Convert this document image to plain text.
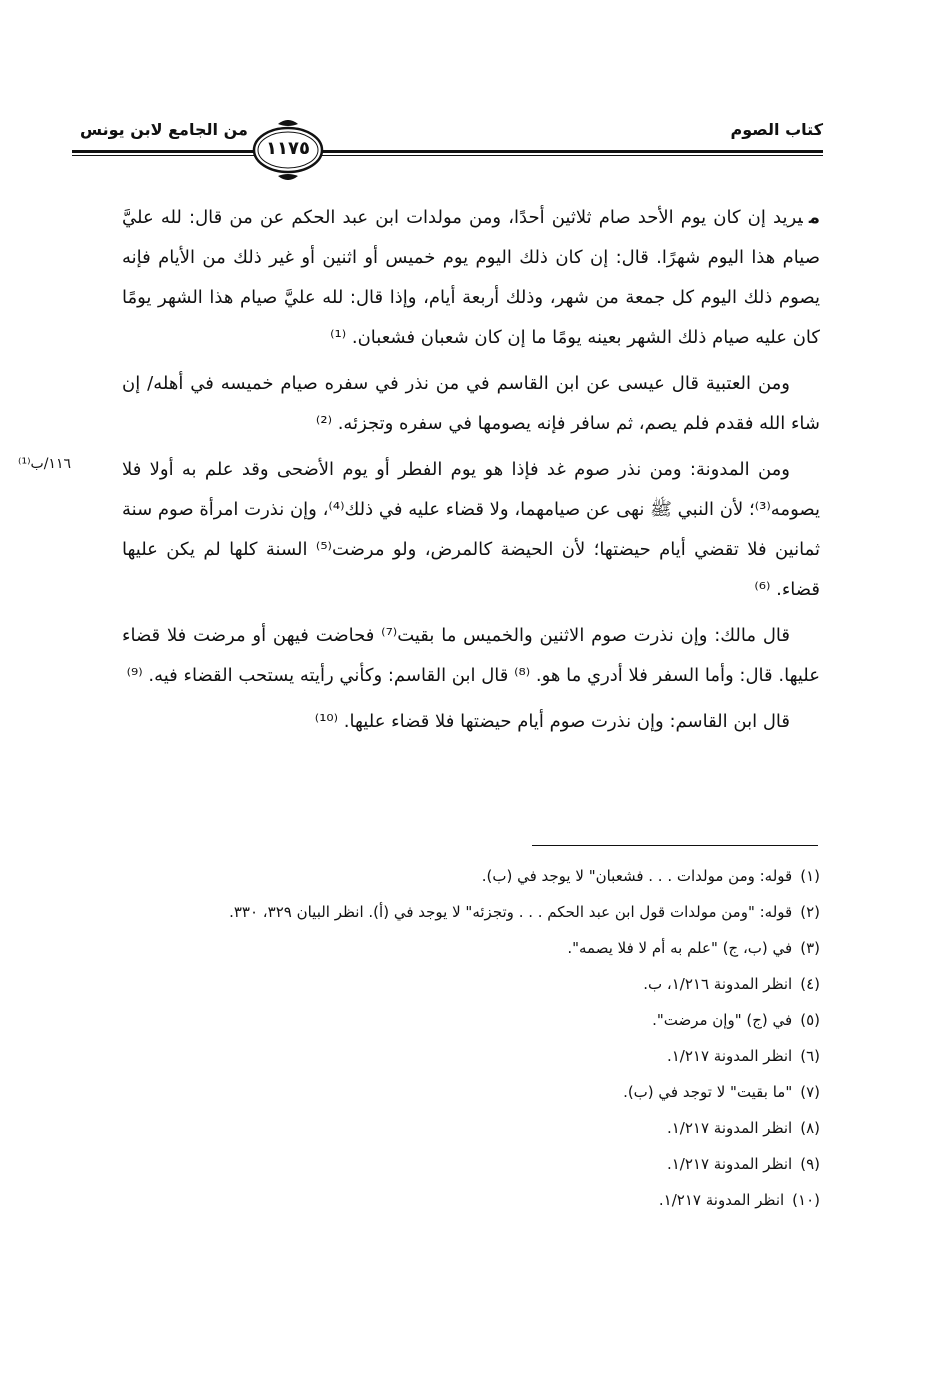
كتاب الصوم
من الجامع لابن يونس
١١٧٥
١١٦/ب⁽¹⁾

ميريد إن كان يوم الأحد صام ثلاثين أحدًا، ومن مولدات ابن عبد الحكم عن من قال: لله عليَّ صيام هذا اليوم شهرًا. قال: إن كان ذلك اليوم يوم خميس أو اثنين أو غير ذلك من الأيام فإنه يصوم ذلك اليوم كل جمعة من شهر، وذلك أربعة أيام، وإذا قال: لله عليَّ صيام هذا الشهر يومًا كان عليه صيام ذلك الشهر بعينه يومًا ما إن كان شعبان فشعبان. ⁽¹⁾

ومن العتبية قال عيسى عن ابن القاسم في من نذر في سفره صيام خميسه في أهله/ إن شاء الله فقدم فلم يصم، ثم سافر فإنه يصومها في سفره وتجزئه. ⁽²⁾

ومن المدونة: ومن نذر صوم غد فإذا هو يوم الفطر أو يوم الأضحى وقد علم به أولا فلا يصومه⁽³⁾؛ لأن النبي ﷺ نهى عن صيامهما، ولا قضاء عليه في ذلك⁽⁴⁾، وإن نذرت امرأة صوم سنة ثمانين فلا تقضي أيام حيضتها؛ لأن الحيضة كالمرض، ولو مرضت⁽⁵⁾ السنة كلها لم يكن عليها قضاء. ⁽⁶⁾

قال مالك: وإن نذرت صوم الاثنين والخميس ما بقيت⁽⁷⁾ فحاضت فيهن أو مرضت فلا قضاء عليها. قال: وأما السفر فلا أدري ما هو. ⁽⁸⁾ قال ابن القاسم: وكأني رأيته يستحب القضاء فيه. ⁽⁹⁾

قال ابن القاسم: وإن نذرت صوم أيام حيضتها فلا قضاء عليها. ⁽¹⁰⁾

(١)قوله: ومن مولدات . . . فشعبان" لا يوجد في (ب).

(٢)قوله: "ومن مولدات قول ابن عبد الحكم . . . وتجزئه" لا يوجد في (أ). انظر البيان ٣٢٩، ٣٣٠.

(٣)في (ب، ج) "علم به أم لا فلا يصمه".

(٤)انظر المدونة ١/٢١٦، ب.

(٥)في (ج) "وإن مرضت".

(٦)انظر المدونة ١/٢١٧.

(٧)"ما بقيت" لا توجد في (ب).

(٨)انظر المدونة ١/٢١٧.

(٩)انظر المدونة ١/٢١٧.

(١٠)انظر المدونة ١/٢١٧.
